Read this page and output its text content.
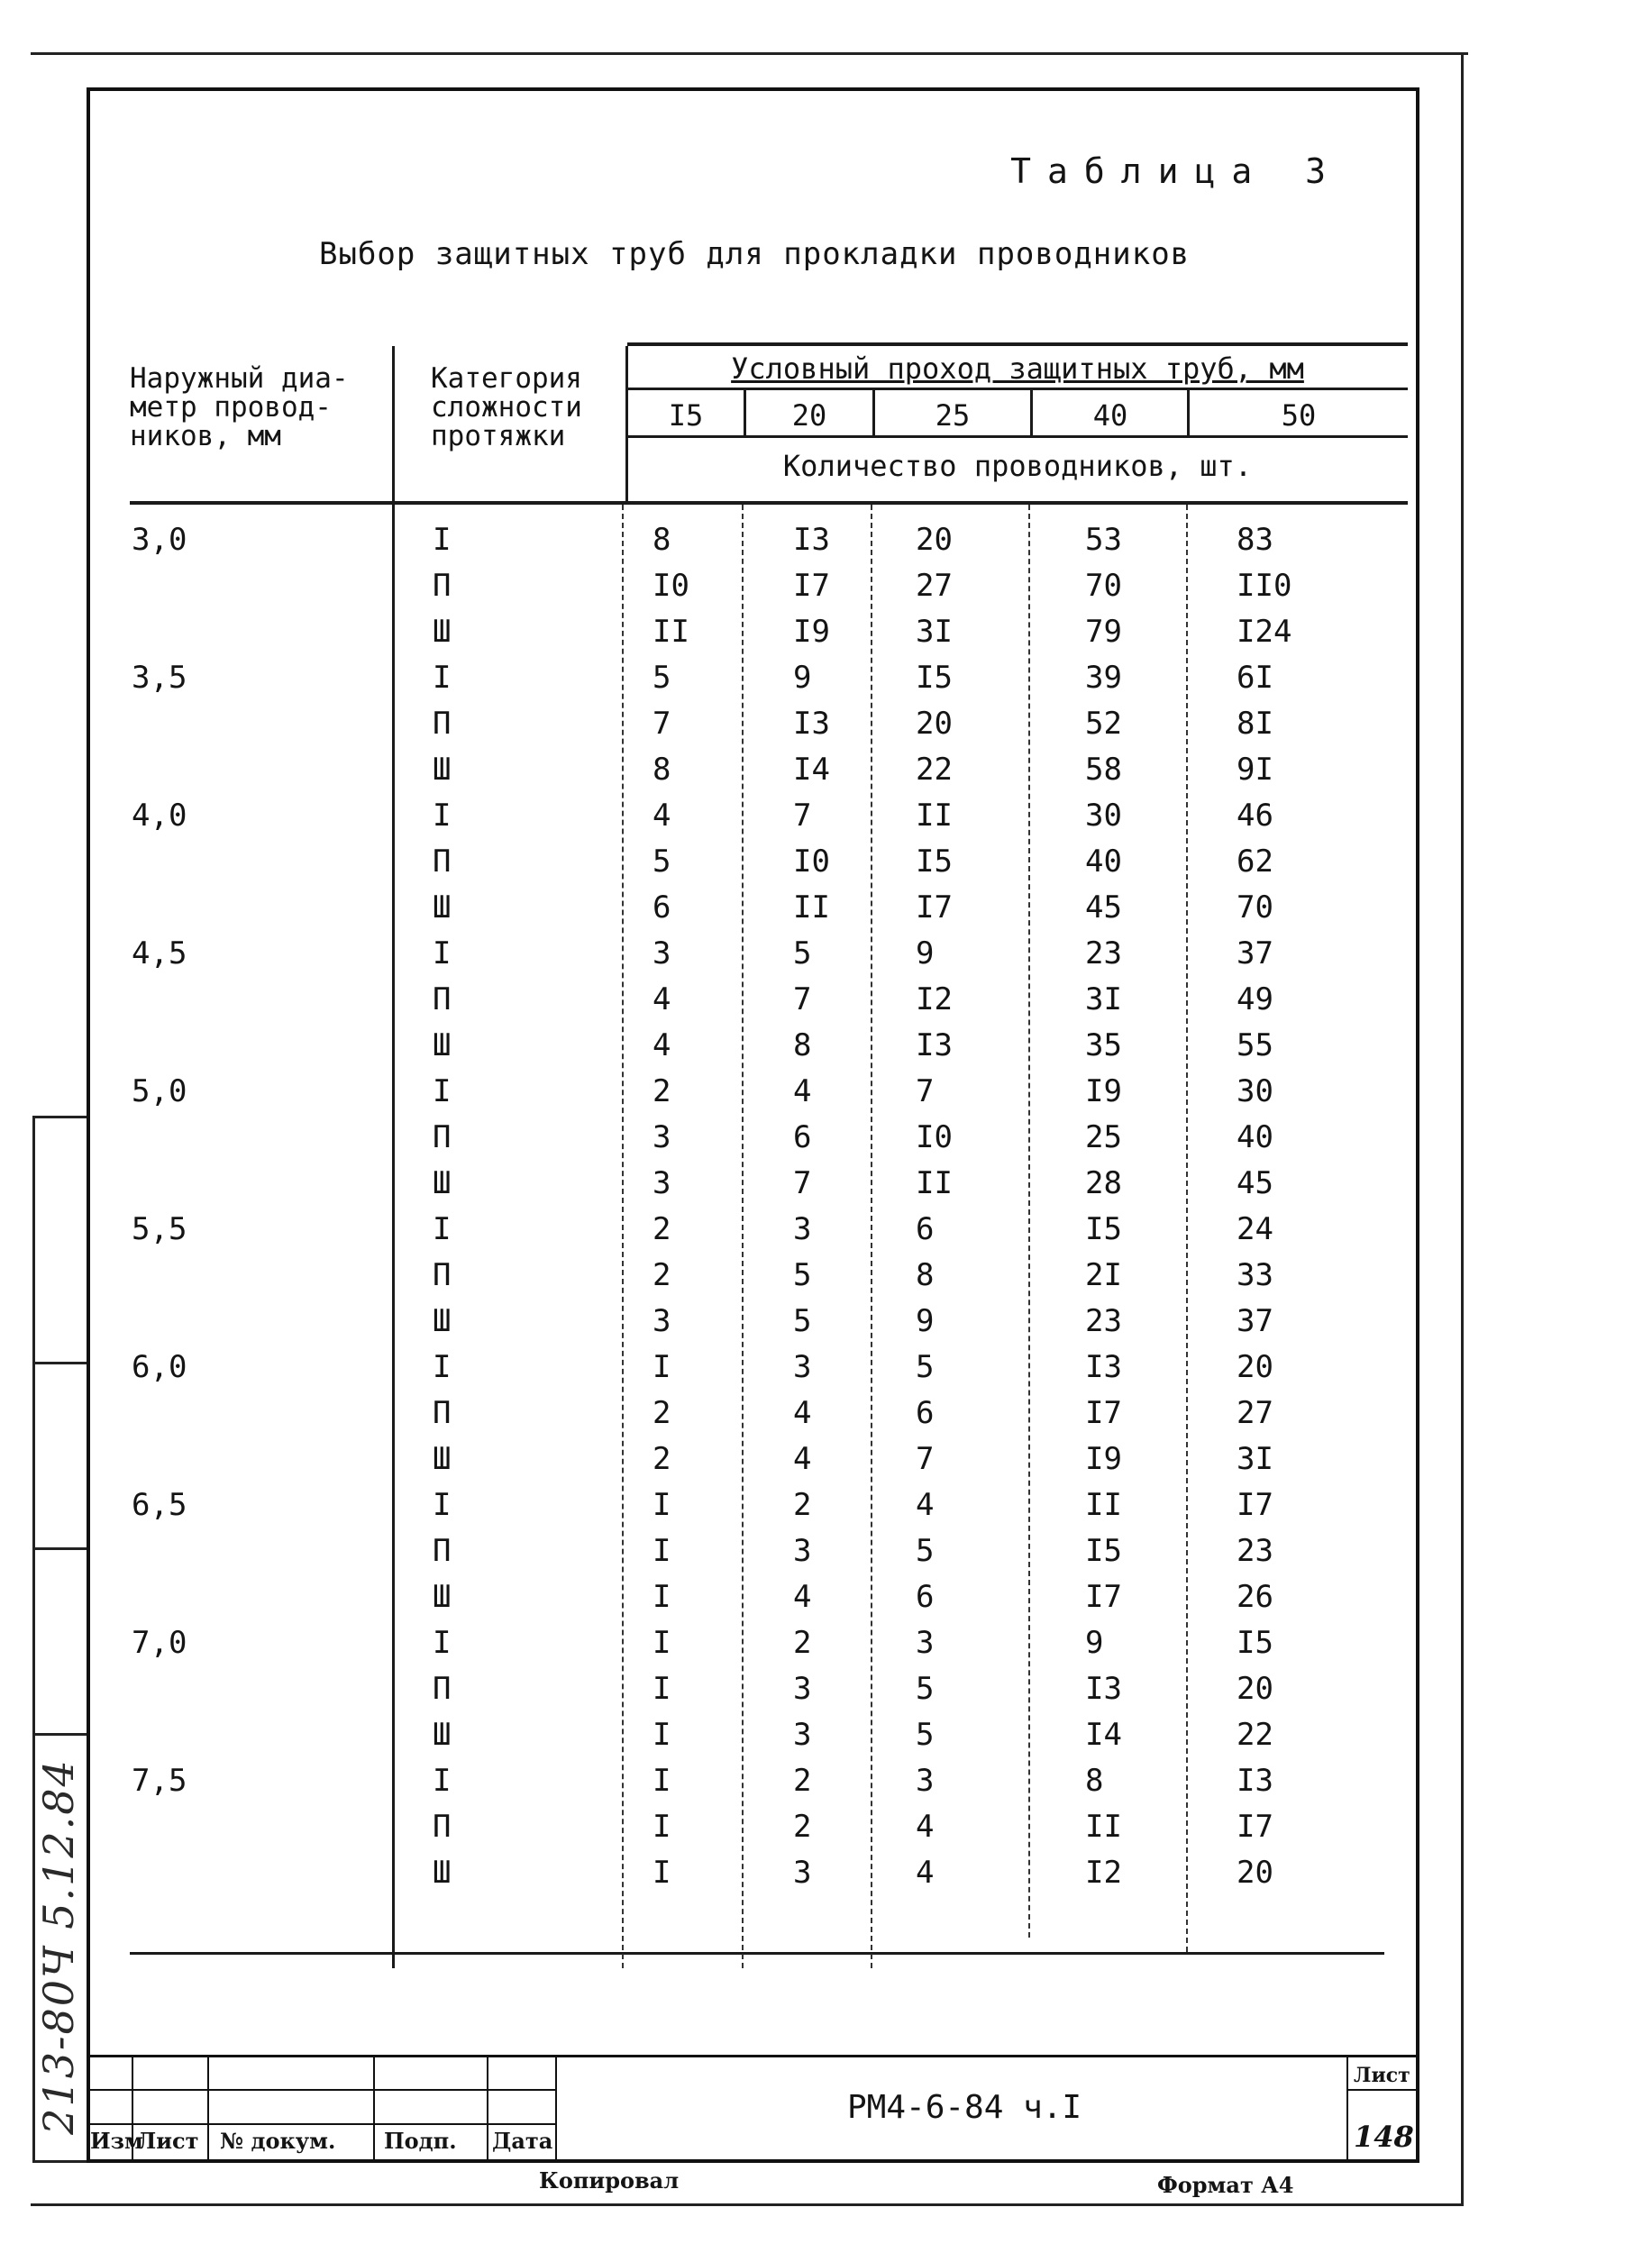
213-80Ч 5.12.84
Таблица 3
Выбор защитных труб для прокладки проводников
Наружный диа-
метр провод-
ников, мм
Категория
сложности
протяжки
Условный проход защитных труб, мм
I5	20	25	40	50
Количество проводников, шт.
3,0	I	8	I3	20	53	83
П	I0	I7	27	70	II0
Ш	II	I9	3I	79	I24
3,5	I	5	9	I5	39	6I
П	7	I3	20	52	8I
Ш	8	I4	22	58	9I
4,0	I	4	7	II	30	46
П	5	I0	I5	40	62
Ш	6	II	I7	45	70
4,5	I	3	5	9	23	37
П	4	7	I2	3I	49
Ш	4	8	I3	35	55
5,0	I	2	4	7	I9	30
П	3	6	I0	25	40
Ш	3	7	II	28	45
5,5	I	2	3	6	I5	24
П	2	5	8	2I	33
Ш	3	5	9	23	37
6,0	I	I	3	5	I3	20
П	2	4	6	I7	27
Ш	2	4	7	I9	3I
6,5	I	I	2	4	II	I7
П	I	3	5	I5	23
Ш	I	4	6	I7	26
7,0	I	I	2	3	9	I5
П	I	3	5	I3	20
Ш	I	3	5	I4	22
7,5	I	I	2	3	8	I3
П	I	2	4	II	I7
Ш	I	3	4	I2	20
Изм
Лист № докум. Подп. Дата
РМ4-6-84 ч.I
Лист
148
Копировал	Формат А4
